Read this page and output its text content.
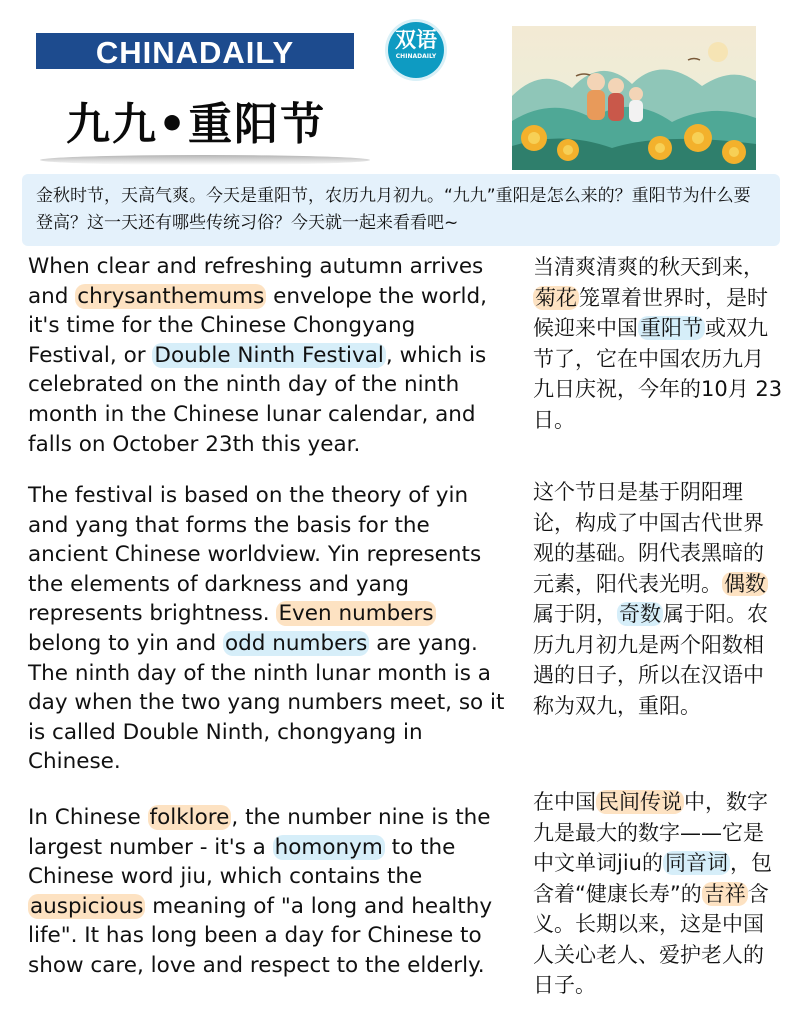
CHINADAILY
九九•重阳节
双语
CHINADAILY
金秋时节，天高气爽。今天是重阳节，农历九月初九。“九九”重阳是怎么来的？重阳节为什么要登高？这一天还有哪些传统习俗？今天就一起来看看吧~

When clear and refreshing autumn arrives and chrysanthemums envelope the world, it's time for the Chinese Chongyang Festival, or Double Ninth Festival, which is celebrated on the ninth day of the ninth month in the Chinese lunar calendar, and falls on October 23th this year.

The festival is based on the theory of yin and yang that forms the basis for the ancient Chinese worldview. Yin represents the elements of darkness and yang represents brightness. Even numbers belong to yin and odd numbers are yang. The ninth day of the ninth lunar month is a day when the two yang numbers meet, so it is called Double Ninth, chongyang in Chinese.

In Chinese folklore, the number nine is the largest number - it's a homonym to the Chinese word jiu, which contains the auspicious meaning of "a long and healthy life". It has long been a day for Chinese to show care, love and respect to the elderly.

当清爽清爽的秋天到来，菊花笼罩着世界时，是时候迎来中国重阳节或双九节了，它在中国农历九月九日庆祝，今年的10月 23日。

这个节日是基于阴阳理论，构成了中国古代世界观的基础。阴代表黑暗的元素，阳代表光明。偶数属于阴，奇数属于阳。农历九月初九是两个阳数相遇的日子，所以在汉语中称为双九，重阳。

在中国民间传说中，数字九是最大的数字——它是中文单词jiu的同音词，包含着“健康长寿”的吉祥含义。长期以来，这是中国人关心老人、爱护老人的日子。
